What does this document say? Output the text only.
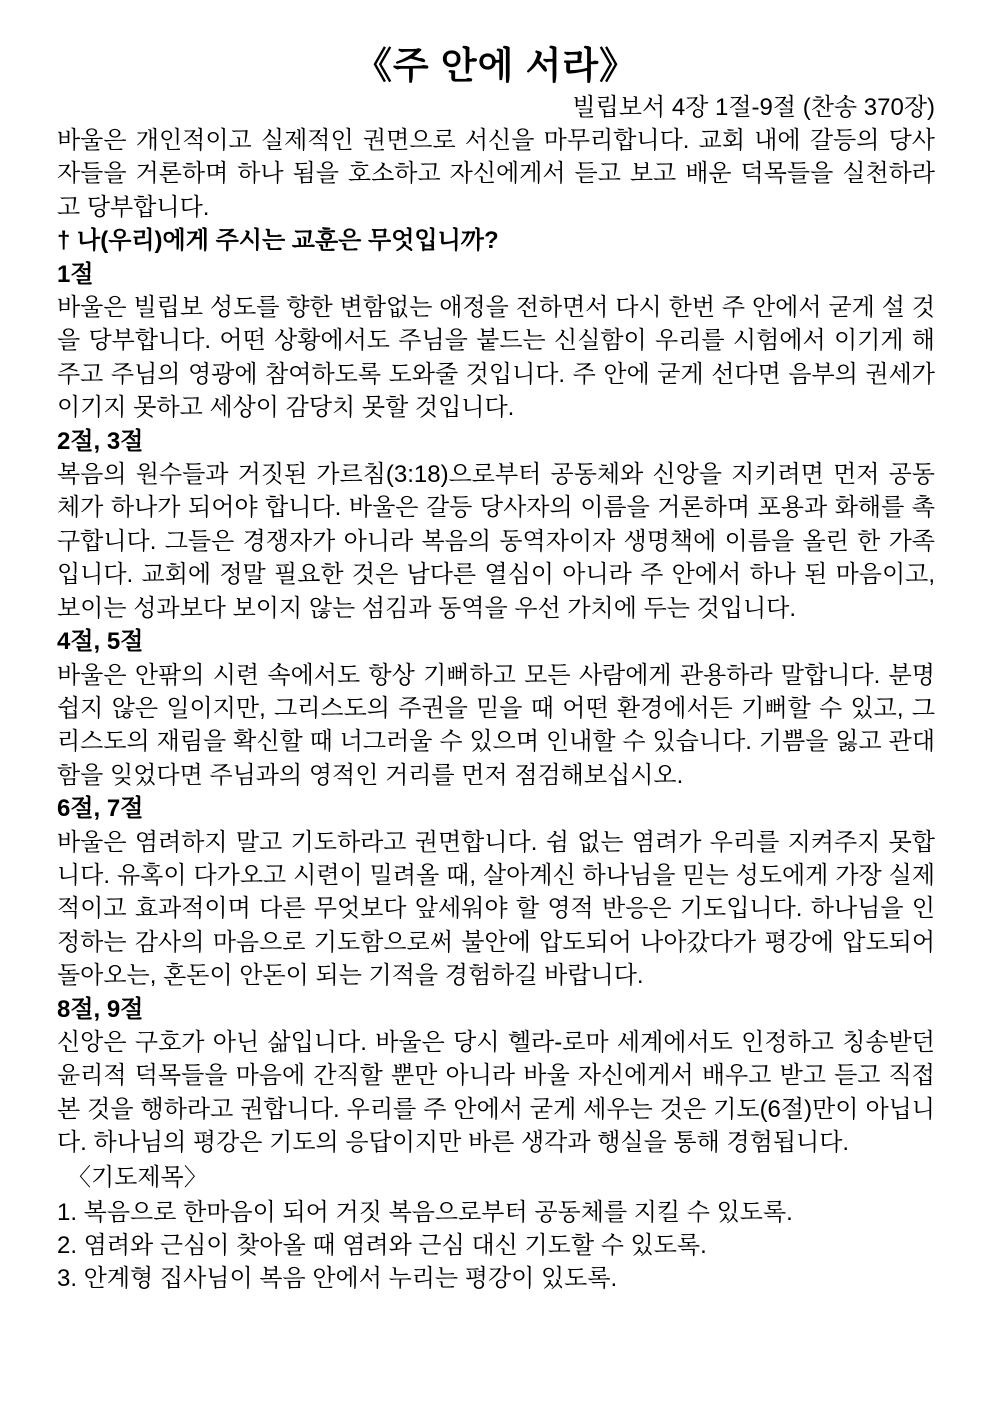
《주 안에 서라》
빌립보서 4장 1절-9절 (찬송 370장)

바울은 개인적이고 실제적인 권면으로 서신을 마무리합니다. 교회 내에 갈등의 당사자들을 거론하며 하나 됨을 호소하고 자신에게서 듣고 보고 배운 덕목들을 실천하라고 당부합니다.

† 나(우리)에게 주시는 교훈은 무엇입니까?
1절

바울은 빌립보 성도를 향한 변함없는 애정을 전하면서 다시 한번 주 안에서 굳게 설 것을 당부합니다. 어떤 상황에서도 주님을 붙드는 신실함이 우리를 시험에서 이기게 해주고 주님의 영광에 참여하도록 도와줄 것입니다. 주 안에 굳게 선다면 음부의 권세가 이기지 못하고 세상이 감당치 못할 것입니다.

2절, 3절

복음의 원수들과 거짓된 가르침(3:18)으로부터 공동체와 신앙을 지키려면 먼저 공동체가 하나가 되어야 합니다. 바울은 갈등 당사자의 이름을 거론하며 포용과 화해를 촉구합니다. 그들은 경쟁자가 아니라 복음의 동역자이자 생명책에 이름을 올린 한 가족입니다. 교회에 정말 필요한 것은 남다른 열심이 아니라 주 안에서 하나 된 마음이고, 보이는 성과보다 보이지 않는 섬김과 동역을 우선 가치에 두는 것입니다.

4절, 5절

바울은 안팎의 시련 속에서도 항상 기뻐하고 모든 사람에게 관용하라 말합니다. 분명 쉽지 않은 일이지만, 그리스도의 주권을 믿을 때 어떤 환경에서든 기뻐할 수 있고, 그리스도의 재림을 확신할 때 너그러울 수 있으며 인내할 수 있습니다. 기쁨을 잃고 관대함을 잊었다면 주님과의 영적인 거리를 먼저 점검해보십시오.

6절, 7절

바울은 염려하지 말고 기도하라고 권면합니다. 쉼 없는 염려가 우리를 지켜주지 못합니다. 유혹이 다가오고 시련이 밀려올 때, 살아계신 하나님을 믿는 성도에게 가장 실제적이고 효과적이며 다른 무엇보다 앞세워야 할 영적 반응은 기도입니다. 하나님을 인정하는 감사의 마음으로 기도함으로써 불안에 압도되어 나아갔다가 평강에 압도되어 돌아오는, 혼돈이 안돈이 되는 기적을 경험하길 바랍니다.

8절, 9절

신앙은 구호가 아닌 삶입니다. 바울은 당시 헬라-로마 세계에서도 인정하고 칭송받던 윤리적 덕목들을 마음에 간직할 뿐만 아니라 바울 자신에게서 배우고 받고 듣고 직접 본 것을 행하라고 권합니다. 우리를 주 안에서 굳게 세우는 것은 기도(6절)만이 아닙니다. 하나님의 평강은 기도의 응답이지만 바른 생각과 행실을 통해 경험됩니다.

〈기도제목〉

1. 복음으로 한마음이 되어 거짓 복음으로부터 공동체를 지킬 수 있도록.

2. 염려와 근심이 찾아올 때 염려와 근심 대신 기도할 수 있도록.

3. 안계형 집사님이 복음 안에서 누리는 평강이 있도록.
